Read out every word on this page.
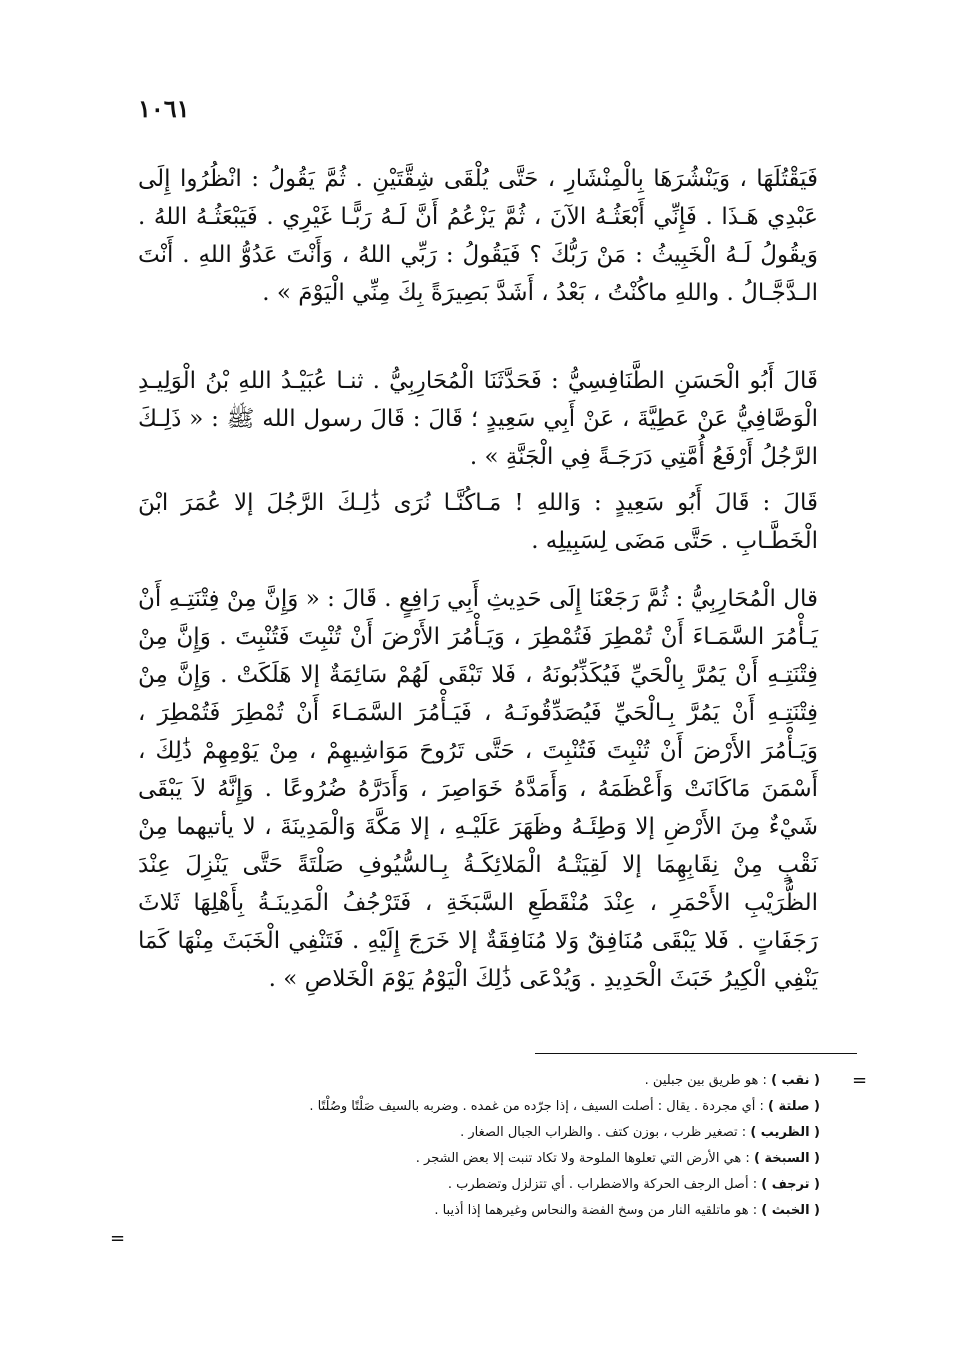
١٠٦١

فَيَقْتُلَهَا ، وَيَنْشُرَهَا بِالْمِنْشَارِ ، حَتَّى يُلْقَى شِقَّتَيْنِ . ثُمَّ يَقُولُ : انْظُرُوا إِلَى عَبْدِي هَـذَا . فَإِنِّي أَبْعَثُـهُ الآنَ ، ثُمَّ يَزْعُمُ أَنَّ لَـهُ رَبًّـا غَيْرِي . فَيَبْعَثُـهُ اللهُ . وَيقُولُ لَـهُ الْخَبِيثُ : مَنْ رَبُّكَ ؟ فَيَقُولُ : رَبِّي اللهُ ، وَأَنْتَ عَدُوُّ اللهِ . أَنْتَ الـدَّجَّـالُ . واللهِ ماكُنْتُ ، بَعْدُ ، أَشَدَّ بَصِيرَةً بِكَ مِنِّي الْيَوْمَ » .

قَالَ أَبُو الْحَسَنِ الطَّنَافِسِيُّ : فَحَدَّثَنَا الْمُحَارِبِيُّ . ثنـا عُبَيْـدُ اللهِ بْنُ الْوَلِيـدِ الْوَصَّافِيُّ عَنْ عَطِيَّةَ ، عَنْ أَبِي سَعِيدٍ ؛ قَالَ : قَالَ رسول الله ﷺ : « ذَلِـكَ الرَّجُلُ أَرْفَعُ أُمَّتِي دَرَجَـةً فِي الْجَنَّةِ » .

قَالَ : قَالَ أَبُو سَعِيدٍ : وَاللهِ ! مَـاكُنَّـا نُرَى ذَٰلِـكَ الرَّجُلَ إلا عُمَرَ ابْنَ الْخَطَّـابِ . حَتَّى مَضَى لِسَبِيلِه .

قال الْمُحَارِبِيُّ : ثُمَّ رَجَعْنَا إِلَى حَدِيثِ أَبِي رَافِعٍ . قَالَ : « وَإِنَّ مِنْ فِتْنَتِـهِ أَنْ يَـأْمُرَ السَّمَـاءَ أَنْ تُمْطِرَ فَتُمْطِرَ ، وَيَـأْمُرَ الأَرْضَ أَنْ تُنْبِتَ فَتُنْبِتَ . وَإِنَّ مِنْ فِتْنَتِـهِ أَنْ يَمُرَّ بِالْحَيِّ فَيُكَذِّبُونَهُ ، فَلا تَبْقَى لَهُمْ سَائِمَةٌ إلا هَلَكَتْ . وَإِنَّ مِنْ فِتْنَتِـهِ أَنْ يَمُرَّ بِـالْحَيِّ فَيُصَدِّقُونَـهُ ، فَيَـأْمُرَ السَّمَـاءَ أَنْ تُمْطِرَ فَتُمْطِرَ ، وَيَـأْمُرَ الأَرْضَ أَنْ تُنْبِتَ فَتُنْبِتَ ، حَتَّى تَرُوحَ مَوَاشِيهِمْ ، مِنْ يَوْمِهِمْ ذَٰلِكَ ، أَسْمَنَ مَاكَانَتْ وَأَعْظَمَهُ ، وَأَمَدَّهُ خَوَاصِرَ ، وَأَدَرَّهُ ضُرُوعًا . وَإِنَّهُ لاَ يَبْقَى شَيْءٌ مِنَ الأَرْضِ إلا وَطِئَـهُ وظَهَرَ عَلَيْـهِ ، إلا مَكَّةَ وَالْمَدِينَةَ ، لا يأتيهما مِنْ نَقْبٍ مِنْ نِقَابِهِمَا إلا لَقِيَتْـهُ الْمَلائِكَـةُ بِـالسُّيُوفِ صَلْتَةً حَتَّى يَنْزِلَ عِنْدَ الظُّرَيْبِ الأَحْمَرِ ، عِنْدَ مُنْقَطَعِ السَّبَخَةِ ، فَتَرْجُفُ الْمَدِينَـةُ بِأَهْلِهَا ثَلاثَ رَجَفَاتٍ . فَلا يَبْقَى مُنَافِقٌ وَلا مُنَافِقَةٌ إلا خَرَجَ إِلَيْهِ . فَتَنْفِي الْخَبَثَ مِنْهَا كَمَا يَنْفِي الْكِيرُ خَبَثَ الْحَدِيدِ . وَيُدْعَى ذَٰلِكَ الْيَوْمُ يَوْمَ الْخَلاصِ » .

=

( نقب ) : هو طريق بين جبلين .

( صلتة ) : أي مجردة . يقال : أصلت السيف ، إذا جرّده من غمده . وضربه بالسيف صَلْتًا وصُلْتًا .

( الظريب ) : تصغير ظرب ، بوزن كتف . والظراب الجبال الصغار .

( السبخة ) : هي الأرض التي تعلوها الملوحة ولا تكاد تنبت إلا بعض الشجر .

( ترجف ) : أصل الرجف الحركة والاضطراب . أي تتزلزل وتضطرب .

( الخبث ) : هو ماتلقيه النار من وسخ الفضة والنحاس وغيرهما إذا أذيبا .

=
